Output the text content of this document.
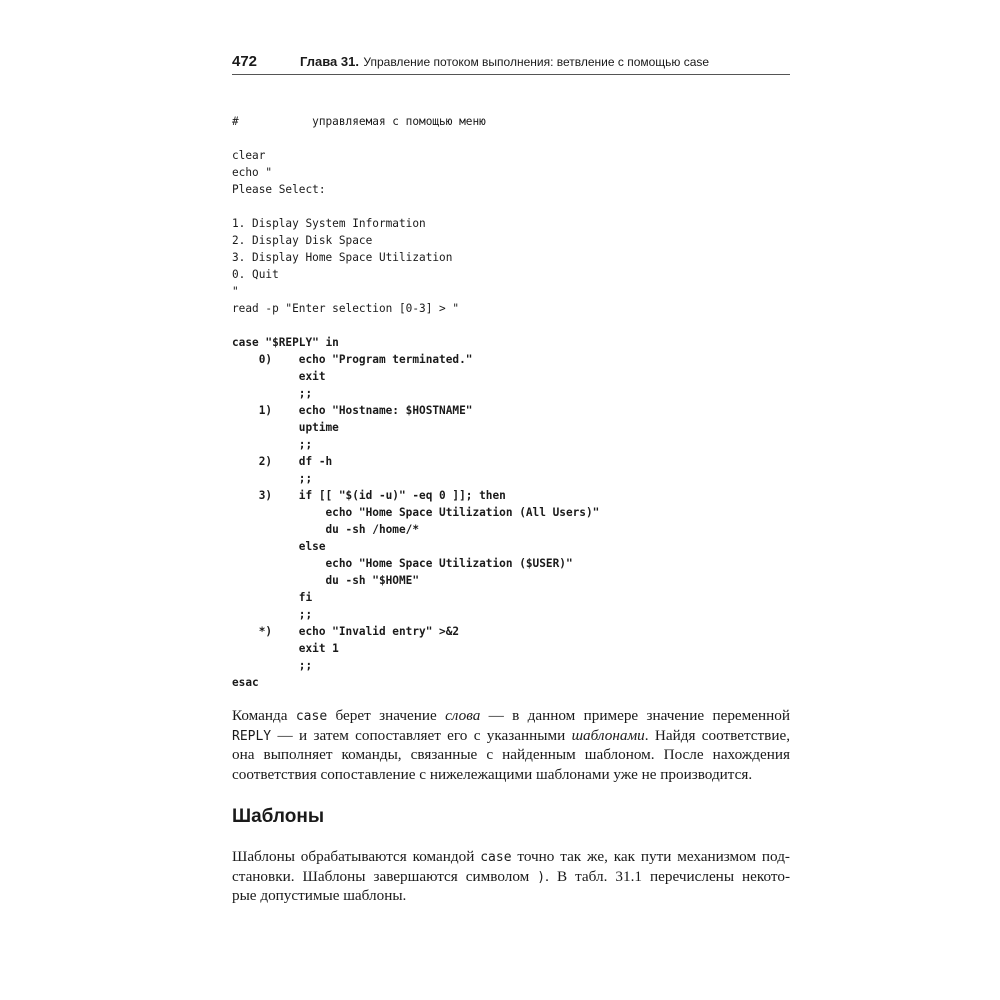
472	Глава 31. Управление потоком выполнения: ветвление с помощью case
#           управляемая с помощью меню
clear
echo "
Please Select:
1. Display System Information
2. Display Disk Space
3. Display Home Space Utilization
0. Quit
"
read -p "Enter selection [0-3] > "
case "$REPLY" in
0)    echo "Program terminated."
exit
;;
1)    echo "Hostname: $HOSTNAME"
uptime
;;
2)    df -h
;;
3)    if [[ "$(id -u)" -eq 0 ]]; then
echo "Home Space Utilization (All Users)"
du -sh /home/*
else
echo "Home Space Utilization ($USER)"
du -sh "$HOME"
fi
;;
*)    echo "Invalid entry" >&2
exit 1
;;
esac
Команда case берет значение слова — в данном примере значение переменной
REPLY — и затем сопоставляет его с указанными шаблонами. Найдя соответствие,
она выполняет команды, связанные с найденным шаблоном. После нахождения
соответствия сопоставление с нижележащими шаблонами уже не производится.
Шаблоны
Шаблоны обрабатываются командой case точно так же, как пути механизмом под-
становки. Шаблоны завершаются символом ). В табл. 31.1 перечислены некото-
рые допустимые шаблоны.
